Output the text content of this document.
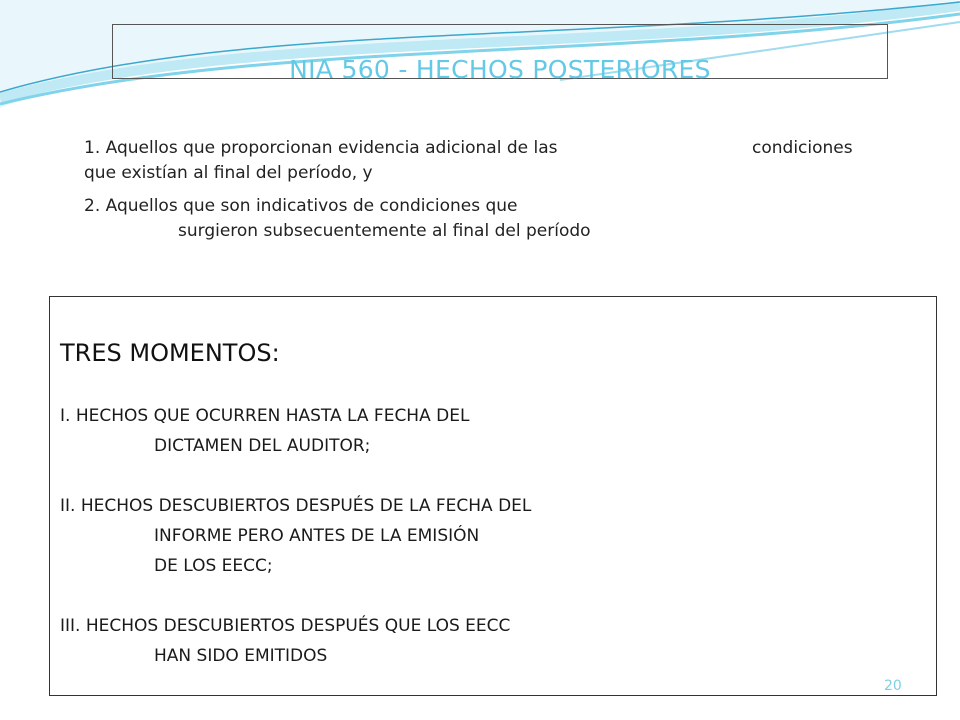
NIA 560 - HECHOS POSTERIORES
1. Aquellos que proporcionan evidencia adicional de las	condiciones
que existían al final del período, y
2. Aquellos que son indicativos de condiciones que
surgieron subsecuentemente al final del período
TRES MOMENTOS:
I. HECHOS QUE OCURREN HASTA LA FECHA DEL
DICTAMEN DEL AUDITOR;
II. HECHOS DESCUBIERTOS DESPUÉS DE LA FECHA DEL
INFORME PERO ANTES DE LA EMISIÓN
DE LOS EECC;
III. HECHOS DESCUBIERTOS DESPUÉS QUE LOS EECC
HAN SIDO EMITIDOS
20
